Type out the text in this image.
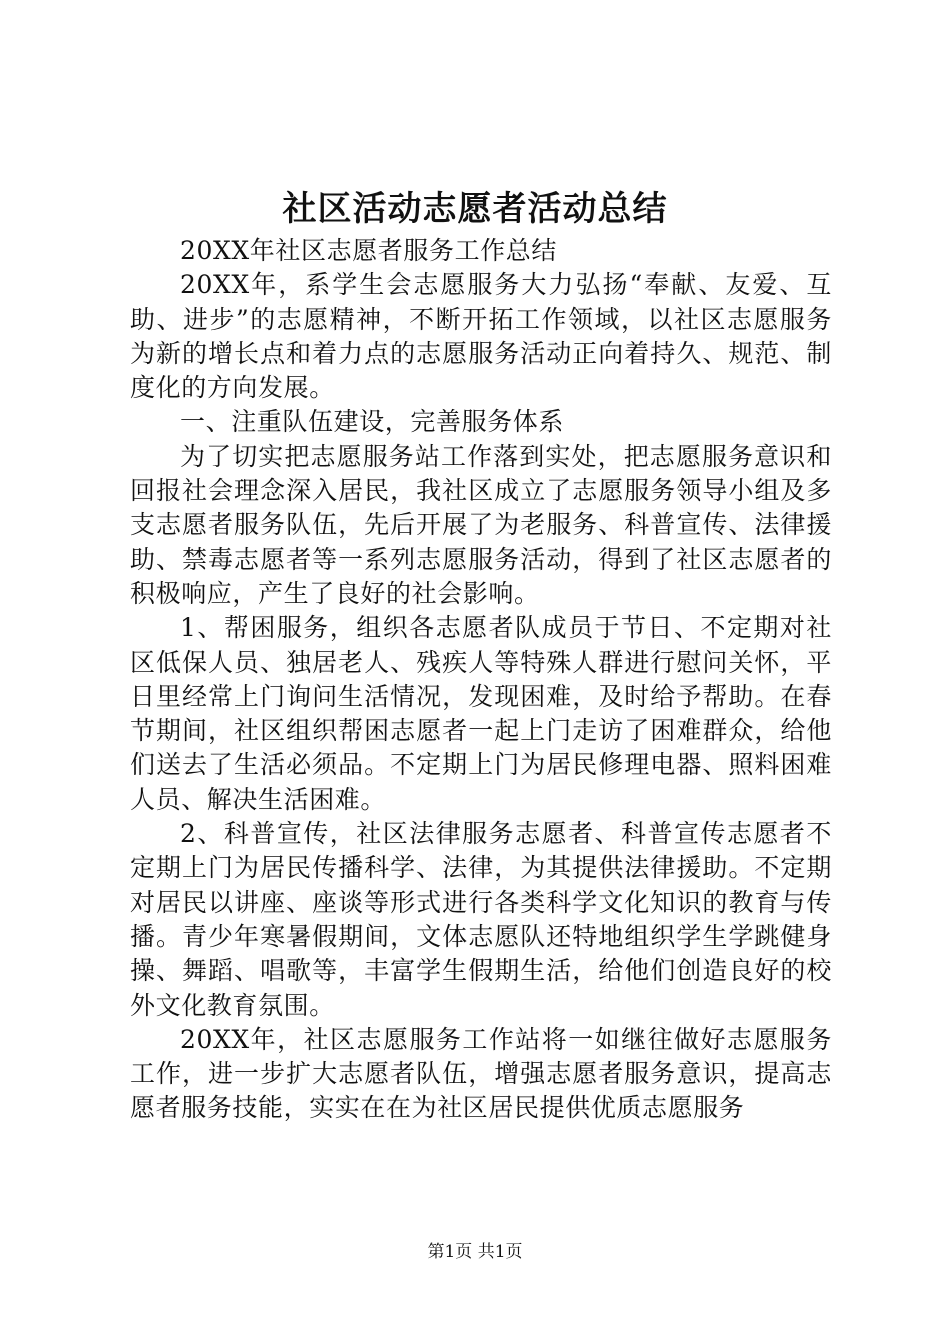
社区活动志愿者活动总结

20XX年社区志愿者服务工作总结

20XX年，系学生会志愿服务大力弘扬“奉献、友爱、互助、进步”的志愿精神，不断开拓工作领域，以社区志愿服务为新的增长点和着力点的志愿服务活动正向着持久、规范、制度化的方向发展。

一、注重队伍建设，完善服务体系

为了切实把志愿服务站工作落到实处，把志愿服务意识和回报社会理念深入居民，我社区成立了志愿服务领导小组及多支志愿者服务队伍，先后开展了为老服务、科普宣传、法律援助、禁毒志愿者等一系列志愿服务活动，得到了社区志愿者的积极响应，产生了良好的社会影响。

1、帮困服务，组织各志愿者队成员于节日、不定期对社区低保人员、独居老人、残疾人等特殊人群进行慰问关怀，平日里经常上门询问生活情况，发现困难，及时给予帮助。在春节期间，社区组织帮困志愿者一起上门走访了困难群众，给他们送去了生活必须品。不定期上门为居民修理电器、照料困难人员、解决生活困难。

2、科普宣传，社区法律服务志愿者、科普宣传志愿者不定期上门为居民传播科学、法律，为其提供法律援助。不定期对居民以讲座、座谈等形式进行各类科学文化知识的教育与传播。青少年寒暑假期间，文体志愿队还特地组织学生学跳健身操、舞蹈、唱歌等，丰富学生假期生活，给他们创造良好的校外文化教育氛围。

20XX年，社区志愿服务工作站将一如继往做好志愿服务工作，进一步扩大志愿者队伍，增强志愿者服务意识，提高志愿者服务技能，实实在在为社区居民提供优质志愿服务

第1页 共1页
